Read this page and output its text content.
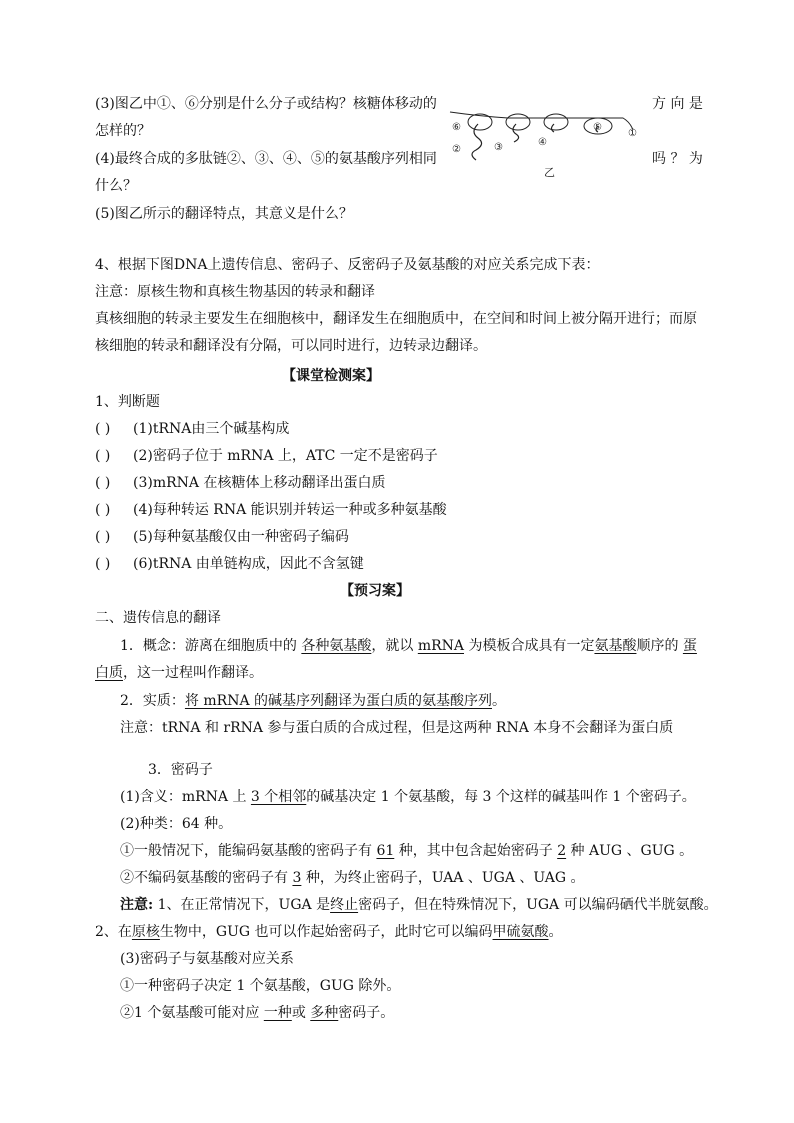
(3)图乙中①、⑥分别是什么分子或结构？核糖体移动的	方 向 是
怎样的？
(4)最终合成的多肽链②、③、④、⑤的氨基酸序列相同	吗 ？ 为
什么？
(5)图乙所示的翻译特点，其意义是什么？
⑥
②	③	④
⑤
①
乙
4、根据下图DNA上遗传信息、密码子、反密码子及氨基酸的对应关系完成下表：
注意：原核生物和真核生物基因的转录和翻译
真核细胞的转录主要发生在细胞核中，翻译发生在细胞质中，在空间和时间上被分隔开进行；而原
核细胞的转录和翻译没有分隔，可以同时进行，边转录边翻译。
【课堂检测案】
1、判断题
( ) (1)tRNA由三个碱基构成
( ) (2)密码子位于 mRNA 上，ATC 一定不是密码子
( ) (3)mRNA 在核糖体上移动翻译出蛋白质
( ) (4)每种转运 RNA 能识别并转运一种或多种氨基酸
( ) (5)每种氨基酸仅由一种密码子编码
( ) (6)tRNA 由单链构成，因此不含氢键
【预习案】
二、遗传信息的翻译
1．概念：游离在细胞质中的 各种氨基酸，就以 mRNA 为模板合成具有一定氨基酸顺序的 蛋
白质，这一过程叫作翻译。
2．实质：将 mRNA 的碱基序列翻译为蛋白质的氨基酸序列。
注意：tRNA 和 rRNA 参与蛋白质的合成过程，但是这两种 RNA 本身不会翻译为蛋白质
3．密码子
(1)含义：mRNA 上 3 个相邻的碱基决定 1 个氨基酸，每 3 个这样的碱基叫作 1 个密码子。
(2)种类：64 种。
①一般情况下，能编码氨基酸的密码子有 61 种，其中包含起始密码子 2 种 AUG 、GUG 。
②不编码氨基酸的密码子有 3 种，为终止密码子，UAA 、UGA 、UAG 。
注意: 1、在正常情况下，UGA 是终止密码子，但在特殊情况下，UGA 可以编码硒代半胱氨酸。
2、在原核生物中，GUG 也可以作起始密码子，此时它可以编码甲硫氨酸。
(3)密码子与氨基酸对应关系
①一种密码子决定 1 个氨基酸，GUG 除外。
②1 个氨基酸可能对应 一种或 多种密码子。
